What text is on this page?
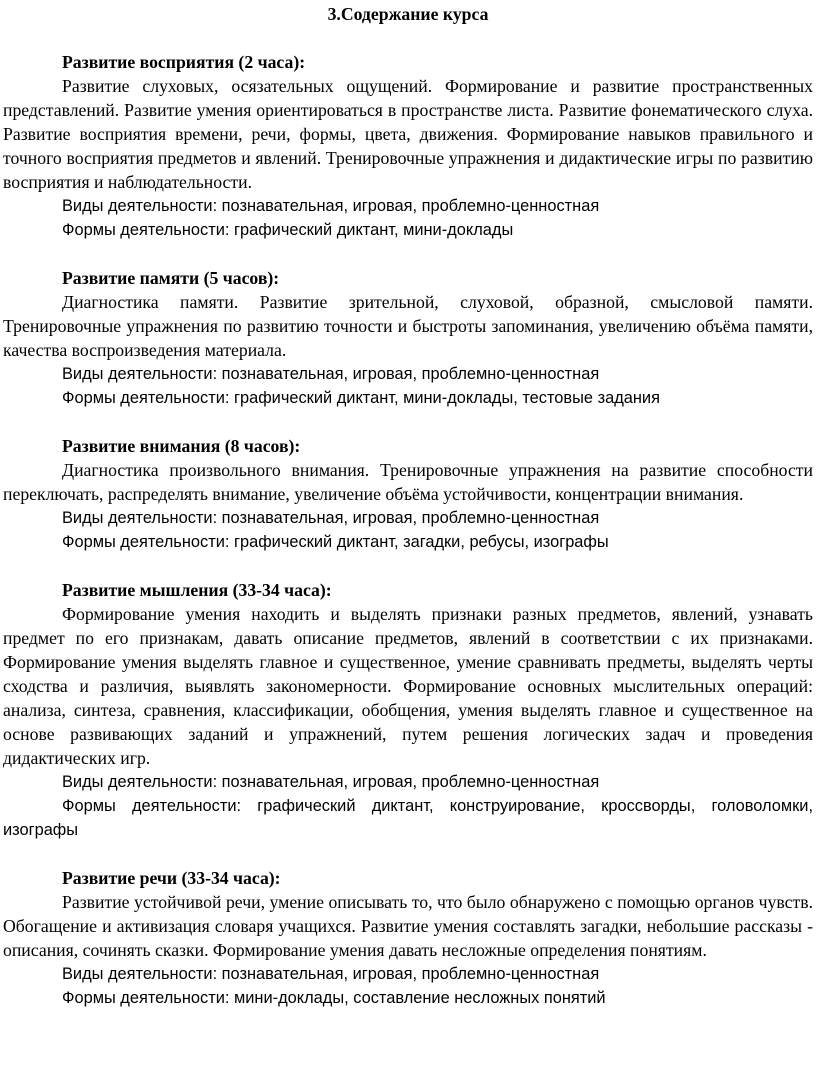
3.Содержание курса

Развитие восприятия (2 часа):

Развитие слуховых, осязательных ощущений. Формирование и развитие пространственных представлений. Развитие умения ориентироваться в пространстве листа. Развитие фонематического слуха. Развитие восприятия времени, речи, формы, цвета, движения. Формирование навыков правильного и точного восприятия предметов и явлений. Тренировочные упражнения и дидактические игры по развитию восприятия и наблюдательности.

Виды деятельности: познавательная, игровая, проблемно-ценностная

Формы деятельности: графический диктант, мини-доклады

Развитие памяти (5 часов):

Диагностика памяти. Развитие зрительной, слуховой, образной, смысловой памяти. Тренировочные упражнения по развитию точности и быстроты запоминания, увеличению объёма памяти, качества воспроизведения материала.

Виды деятельности: познавательная, игровая, проблемно-ценностная

Формы деятельности: графический диктант, мини-доклады, тестовые задания

Развитие внимания (8 часов):

Диагностика произвольного внимания. Тренировочные упражнения на развитие способности переключать, распределять внимание, увеличение объёма устойчивости, концентрации внимания.

Виды деятельности: познавательная, игровая, проблемно-ценностная

Формы деятельности: графический диктант, загадки, ребусы, изографы

Развитие мышления (33-34 часа):

Формирование умения находить и выделять признаки разных предметов, явлений, узнавать предмет по его признакам, давать описание предметов, явлений в соответствии с их признаками. Формирование умения выделять главное и существенное, умение сравнивать предметы, выделять черты сходства и различия, выявлять закономерности. Формирование основных мыслительных операций: анализа, синтеза, сравнения, классификации, обобщения, умения выделять главное и существенное на основе развивающих заданий и упражнений, путем решения логических задач и проведения дидактических игр.

Виды деятельности: познавательная, игровая, проблемно-ценностная

Формы деятельности: графический диктант, конструирование, кроссворды, головоломки, изографы

Развитие речи (33-34 часа):

Развитие устойчивой речи, умение описывать то, что было обнаружено с помощью органов чувств. Обогащение и активизация словаря учащихся. Развитие умения составлять загадки, небольшие рассказы - описания, сочинять сказки. Формирование умения давать несложные определения понятиям.

Виды деятельности: познавательная, игровая, проблемно-ценностная

Формы деятельности: мини-доклады, составление несложных понятий
